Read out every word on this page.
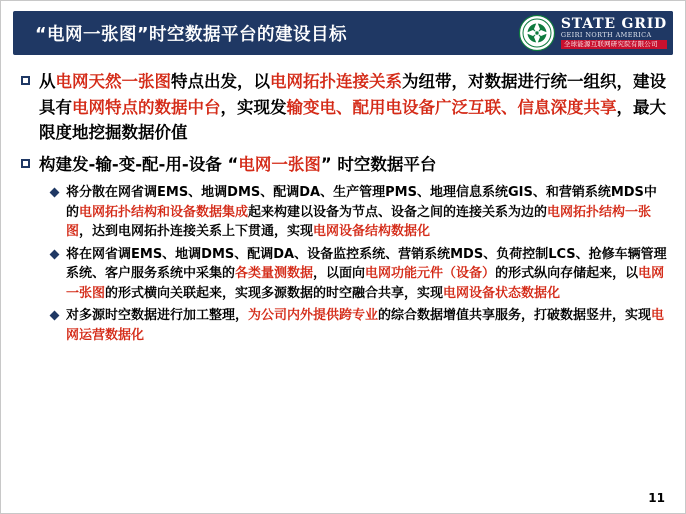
“电网一张图”时空数据平台的建设目标
STATE GRID
GEIRI NORTH AMERICA
全球能源互联网研究院有限公司
从电网天然一张图特点出发，以电网拓扑连接关系为纽带，对数据进行统一组织，建设具有电网特点的数据中台，实现发输变电、配用电设备广泛互联、信息深度共享，最大限度地挖掘数据价值
构建发-输-变-配-用-设备 “电网一张图” 时空数据平台
将分散在网省调EMS、地调DMS、配调DA、生产管理PMS、地理信息系统GIS、和营销系统MDS中的电网拓扑结构和设备数据集成起来构建以设备为节点、设备之间的连接关系为边的电网拓扑结构一张图，达到电网拓扑连接关系上下贯通，实现电网设备结构数据化
将在网省调EMS、地调DMS、配调DA、设备监控系统、营销系统MDS、负荷控制LCS、抢修车辆管理系统、客户服务系统中采集的各类量测数据，以面向电网功能元件（设备）的形式纵向存储起来，以电网一张图的形式横向关联起来，实现多源数据的时空融合共享，实现电网设备状态数据化
对多源时空数据进行加工整理，为公司内外提供跨专业的综合数据增值共享服务，打破数据竖井，实现电网运营数据化
11
